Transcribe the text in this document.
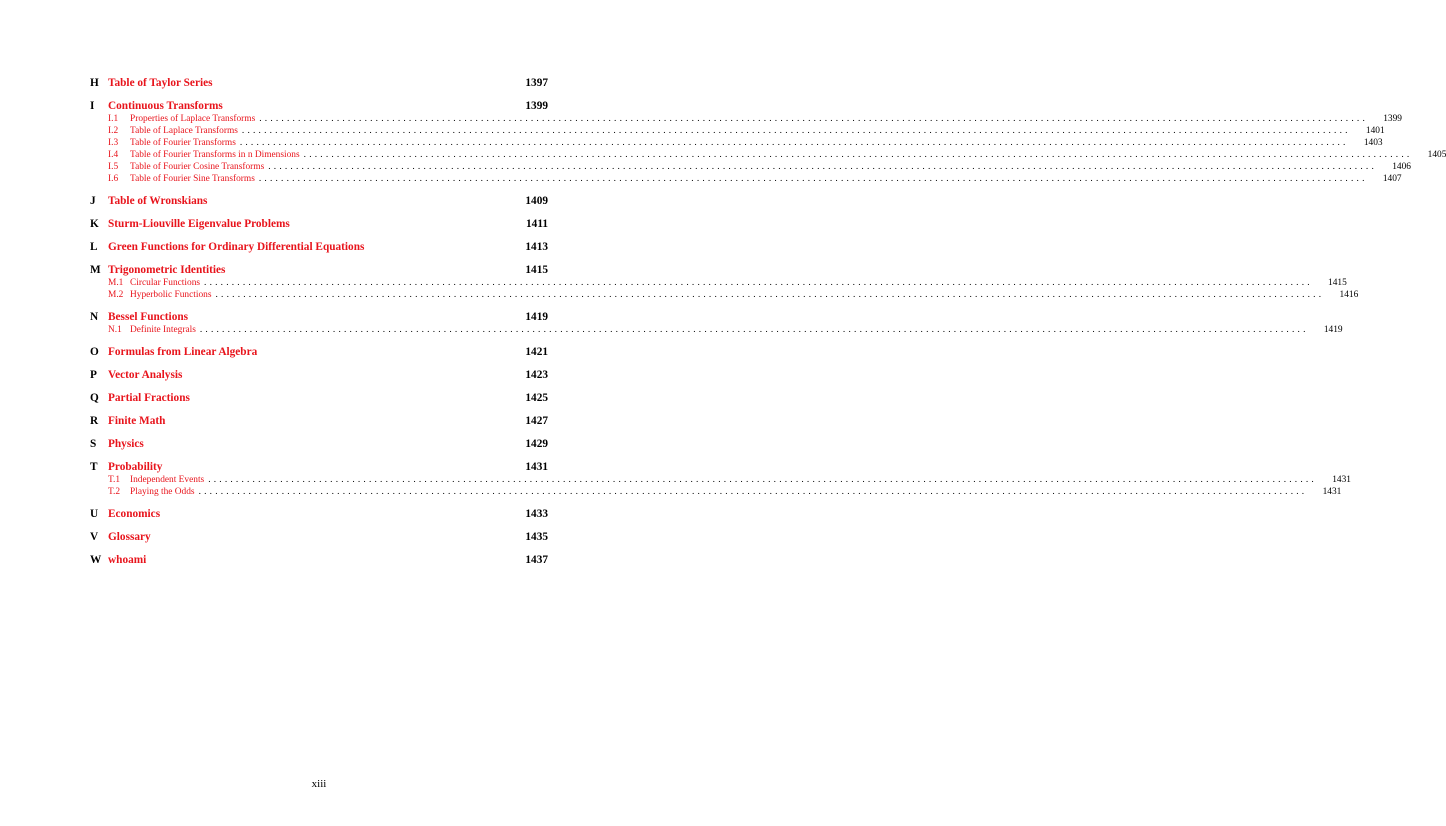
H Table of Taylor Series	1397
I	Continuous Transforms	1399
I.1	Properties of Laplace Transforms ........................................................................................................................................................................................................	1399
I.2	Table of Laplace Transforms ........................................................................................................................................................................................................	1401
I.3	Table of Fourier Transforms ........................................................................................................................................................................................................	1403
I.4	Table of Fourier Transforms in n Dimensions ........................................................................................................................................................................................................	1405
I.5	Table of Fourier Cosine Transforms ........................................................................................................................................................................................................	1406
I.6	Table of Fourier Sine Transforms ........................................................................................................................................................................................................	1407
J	Table of Wronskians	1409
K Sturm-Liouville Eigenvalue Problems	1411
L Green Functions for Ordinary Differential Equations	1413
M Trigonometric Identities	1415
M.1 Circular Functions ........................................................................................................................................................................................................	1415
M.2 Hyperbolic Functions ........................................................................................................................................................................................................	1416
N Bessel Functions	1419
N.1 Definite Integrals ........................................................................................................................................................................................................	1419
O Formulas from Linear Algebra	1421
P Vector Analysis	1423
Q Partial Fractions	1425
R Finite Math	1427
S	Physics	1429
T Probability	1431
T.1	Independent Events ........................................................................................................................................................................................................	1431
T.2	Playing the Odds ........................................................................................................................................................................................................	1431
U Economics	1433
V Glossary	1435
W whoami	1437
xiii
